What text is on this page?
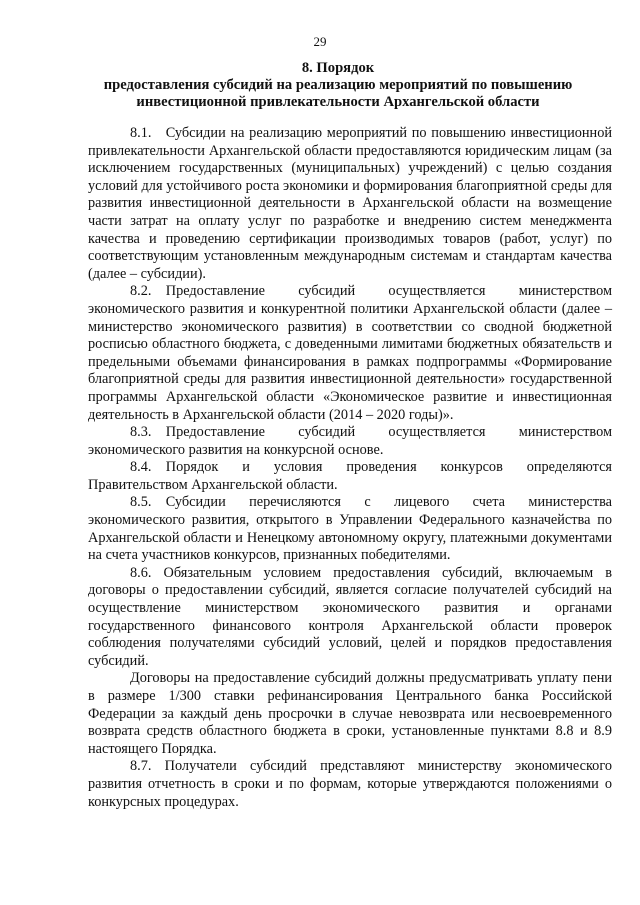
29
8. Порядок
предоставления субсидий на реализацию мероприятий по повышению
инвестиционной привлекательности Архангельской области

8.1. Субсидии на реализацию мероприятий по повышению инвестиционной привлекательности Архангельской области предоставляются юридическим лицам (за исключением государственных (муниципальных) учреждений) с целью создания условий для устойчивого роста экономики и формирования благоприятной среды для развития инвестиционной деятельности в Архангельской области на возмещение части затрат на оплату услуг по разработке и внедрению систем менеджмента качества и проведению сертификации производимых товаров (работ, услуг) по соответствующим установленным международным системам и стандартам качества (далее – субсидии).

8.2. Предоставление субсидий осуществляется министерством экономического развития и конкурентной политики Архангельской области (далее – министерство экономического развития) в соответствии со сводной бюджетной росписью областного бюджета, с доведенными лимитами бюджетных обязательств и предельными объемами финансирования в рамках подпрограммы «Формирование благоприятной среды для развития инвестиционной деятельности» государственной программы Архангельской области «Экономическое развитие и инвестиционная деятельность в Архангельской области (2014 – 2020 годы)».

8.3. Предоставление субсидий осуществляется министерством экономического развития на конкурсной основе.

8.4. Порядок и условия проведения конкурсов определяются Правительством Архангельской области.

8.5. Субсидии перечисляются с лицевого счета министерства экономического развития, открытого в Управлении Федерального казначейства по Архангельской области и Ненецкому автономному округу, платежными документами на счета участников конкурсов, признанных победителями.

8.6. Обязательным условием предоставления субсидий, включаемым в договоры о предоставлении субсидий, является согласие получателей субсидий на осуществление министерством экономического развития и органами государственного финансового контроля Архангельской области проверок соблюдения получателями субсидий условий, целей и порядков предоставления субсидий.

Договоры на предоставление субсидий должны предусматривать уплату пени в размере 1/300 ставки рефинансирования Центрального банка Российской Федерации за каждый день просрочки в случае невозврата или несвоевременного возврата средств областного бюджета в сроки, установленные пунктами 8.8 и 8.9 настоящего Порядка.

8.7. Получатели субсидий представляют министерству экономического развития отчетность в сроки и по формам, которые утверждаются положениями о конкурсных процедурах.
